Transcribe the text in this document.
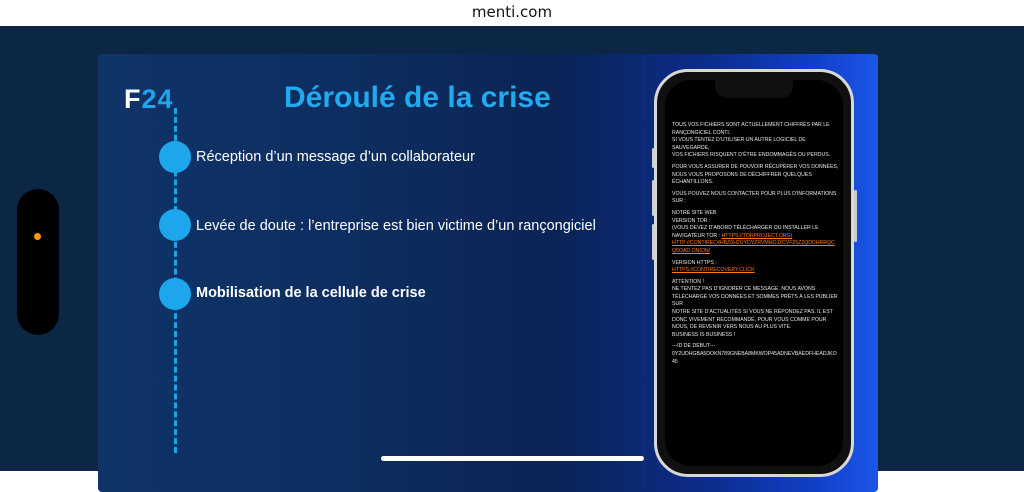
menti.com
F24	Déroulé de la crise
Réception d’un message d’un collaborateur
Levée de doute : l’entreprise est bien victime d’un rançongiciel
Mobilisation de la cellule de crise

TOUS VOS FICHIERS SONT ACTUELLEMENT CHIFFRÉS PAR LE
RANÇONGICIEL CONTI.
SI VOUS TENTEZ D’UTILISER UN AUTRE LOGICIEL DE SAUVEGARDE,
VOS FICHIERS RISQUENT D’ÊTRE ENDOMMAGÉS OU PERDUS.

POUR VOUS ASSURER DE POUVOIR RÉCUPÉRER VOS DONNÉES,
NOUS VOUS PROPOSONS DE DÉCHIFFRER QUELQUES
ÉCHANTILLONS.

VOUS POUVEZ NOUS CONTACTER POUR PLUS D’INFORMATIONS
SUR :

NOTRE SITE WEB
VERSION TOR :
(VOUS DEVEZ D’ABORD TÉLÉCHARGER OU INSTALLER LE
NAVIGATEUR TOR : HTTPS://TORPROJECT.ORG)
HTTP://CONTIREC4HBZ6H2UYDYZRVMHOJ2CVF25Z2QDDHRRQC
Q5OAD.ONION/

VERSION HTTPS :
HTTPS://CONTIRECOVERY.CLICK

ATTENTION !
NE TENTEZ PAS D’IGNORER CE MESSAGE. NOUS AVONS
TÉLÉCHARGÉ VOS DONNÉES ET SOMMES PRÊTS À LES PUBLIER SUR
NOTRE SITE D’ACTUALITÉS SI VOUS NE RÉPONDEZ PAS. IL EST
DONC VIVEMENT RECOMMANDÉ, POUR VOUS COMME POUR
NOUS, DE REVENIR VERS NOUS AU PLUS VITE.
BUSINESS IS BUSINESS !

---ID DE DÉBUT---
0Y2UDHGBA5DOKN789GNEBA8MKWOP45ADNEVBAEDFHEADJKO
45
